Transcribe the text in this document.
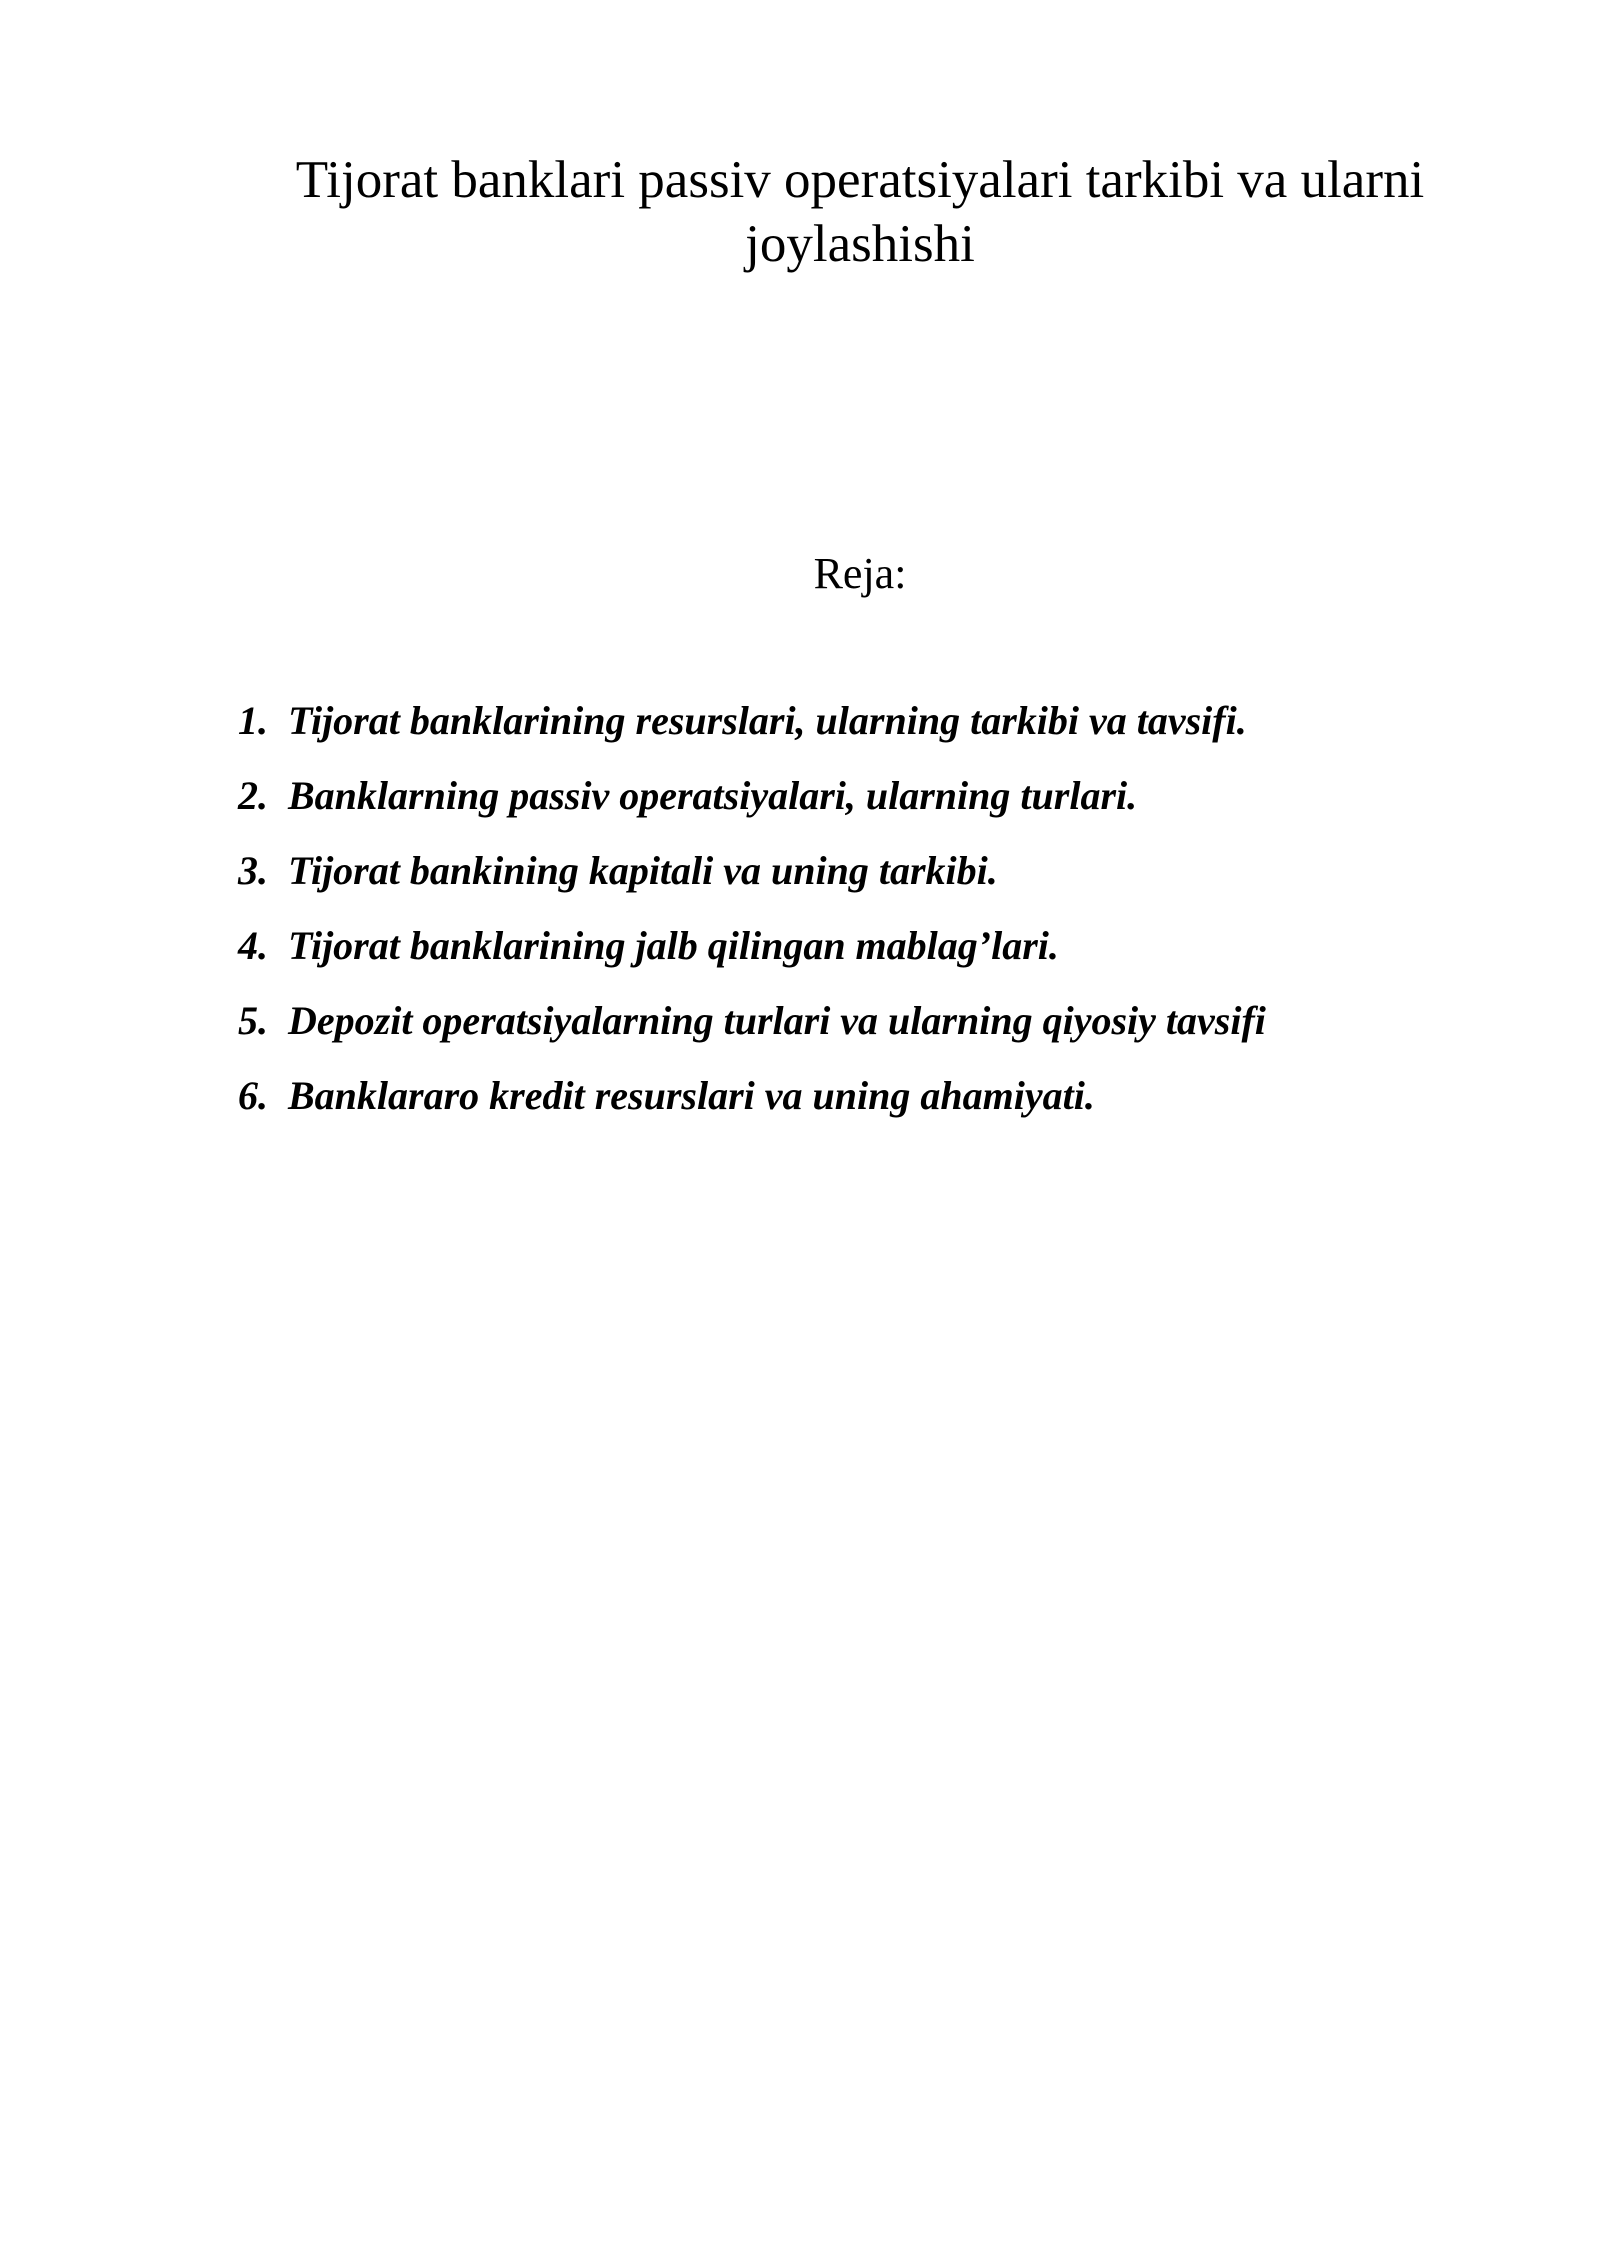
Tijorat banklari passiv operatsiyalari tarkibi va ularni
joylashishi

Reja:

1. Tijorat banklarining resurslari, ularning tarkibi va tavsifi.
2. Banklarning passiv operatsiyalari, ularning turlari.
3. Tijorat bankining kapitali va uning tarkibi.
4. Tijorat banklarining jalb qilingan mablag’lari.
5. Depozit operatsiyalarning turlari va ularning qiyosiy tavsifi
6. Banklararo kredit resurslari va uning ahamiyati.
